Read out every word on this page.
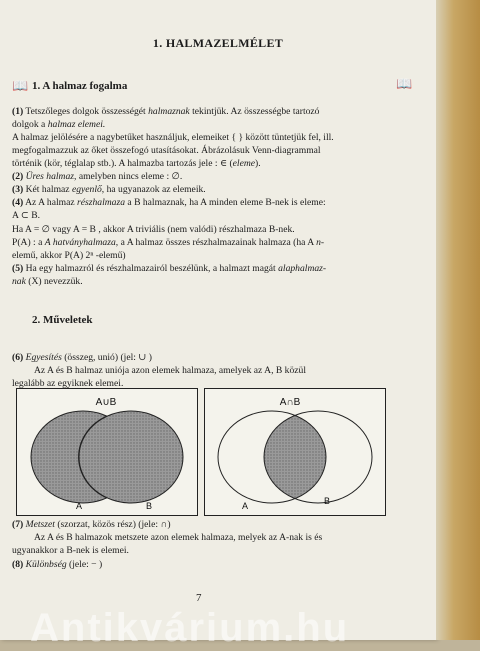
1. HALMAZELMÉLET
📖 1. A halmaz fogalma	📖
(1) Tetszőleges dolgok összességét halmaznak tekintjük. Az összességbe tartozó
dolgok a halmaz elemei.
A halmaz jelölésére a nagybetűket használjuk, elemeiket { } között tüntetjük fel, ill.
megfogalmazzuk az őket összefogó utasításokat. Ábrázolásuk Venn-diagrammal
történik (kör, téglalap stb.). A halmazba tartozás jele : ∈ (eleme).
(2) Üres halmaz, amelyben nincs eleme : ∅.
(3) Két halmaz egyenlő, ha ugyanazok az elemeik.
(4) Az A halmaz részhalmaza a B halmaznak, ha A minden eleme B-nek is eleme:
A ⊂ B.
Ha A = ∅ vagy A = B , akkor A triviális (nem valódi) részhalmaza B-nek.
P(A) : a A hatványhalmaza, a A halmaz összes részhalmazainak halmaza (ha A n-
elemű, akkor P(A) 2ⁿ -elemű)
(5) Ha egy halmazról és részhalmazairól beszélünk, a halmazt magát alaphalmaz-
nak (X) nevezzük.
2. Műveletek
(6) Egyesítés (összeg, unió) (jel: ∪ )
Az A és B halmaz uniója azon elemek halmaza, amelyek az A, B közül
legalább az egyiknek elemei.
A∪B
A	B
A∩B
A	B
(7) Metszet (szorzat, közös rész) (jele: ∩)
Az A és B halmazok metszete azon elemek halmaza, melyek az A-nak is és
ugyanakkor a B-nek is elemei.
(8) Különbség (jele: − )
7
Antikvárium.hu
